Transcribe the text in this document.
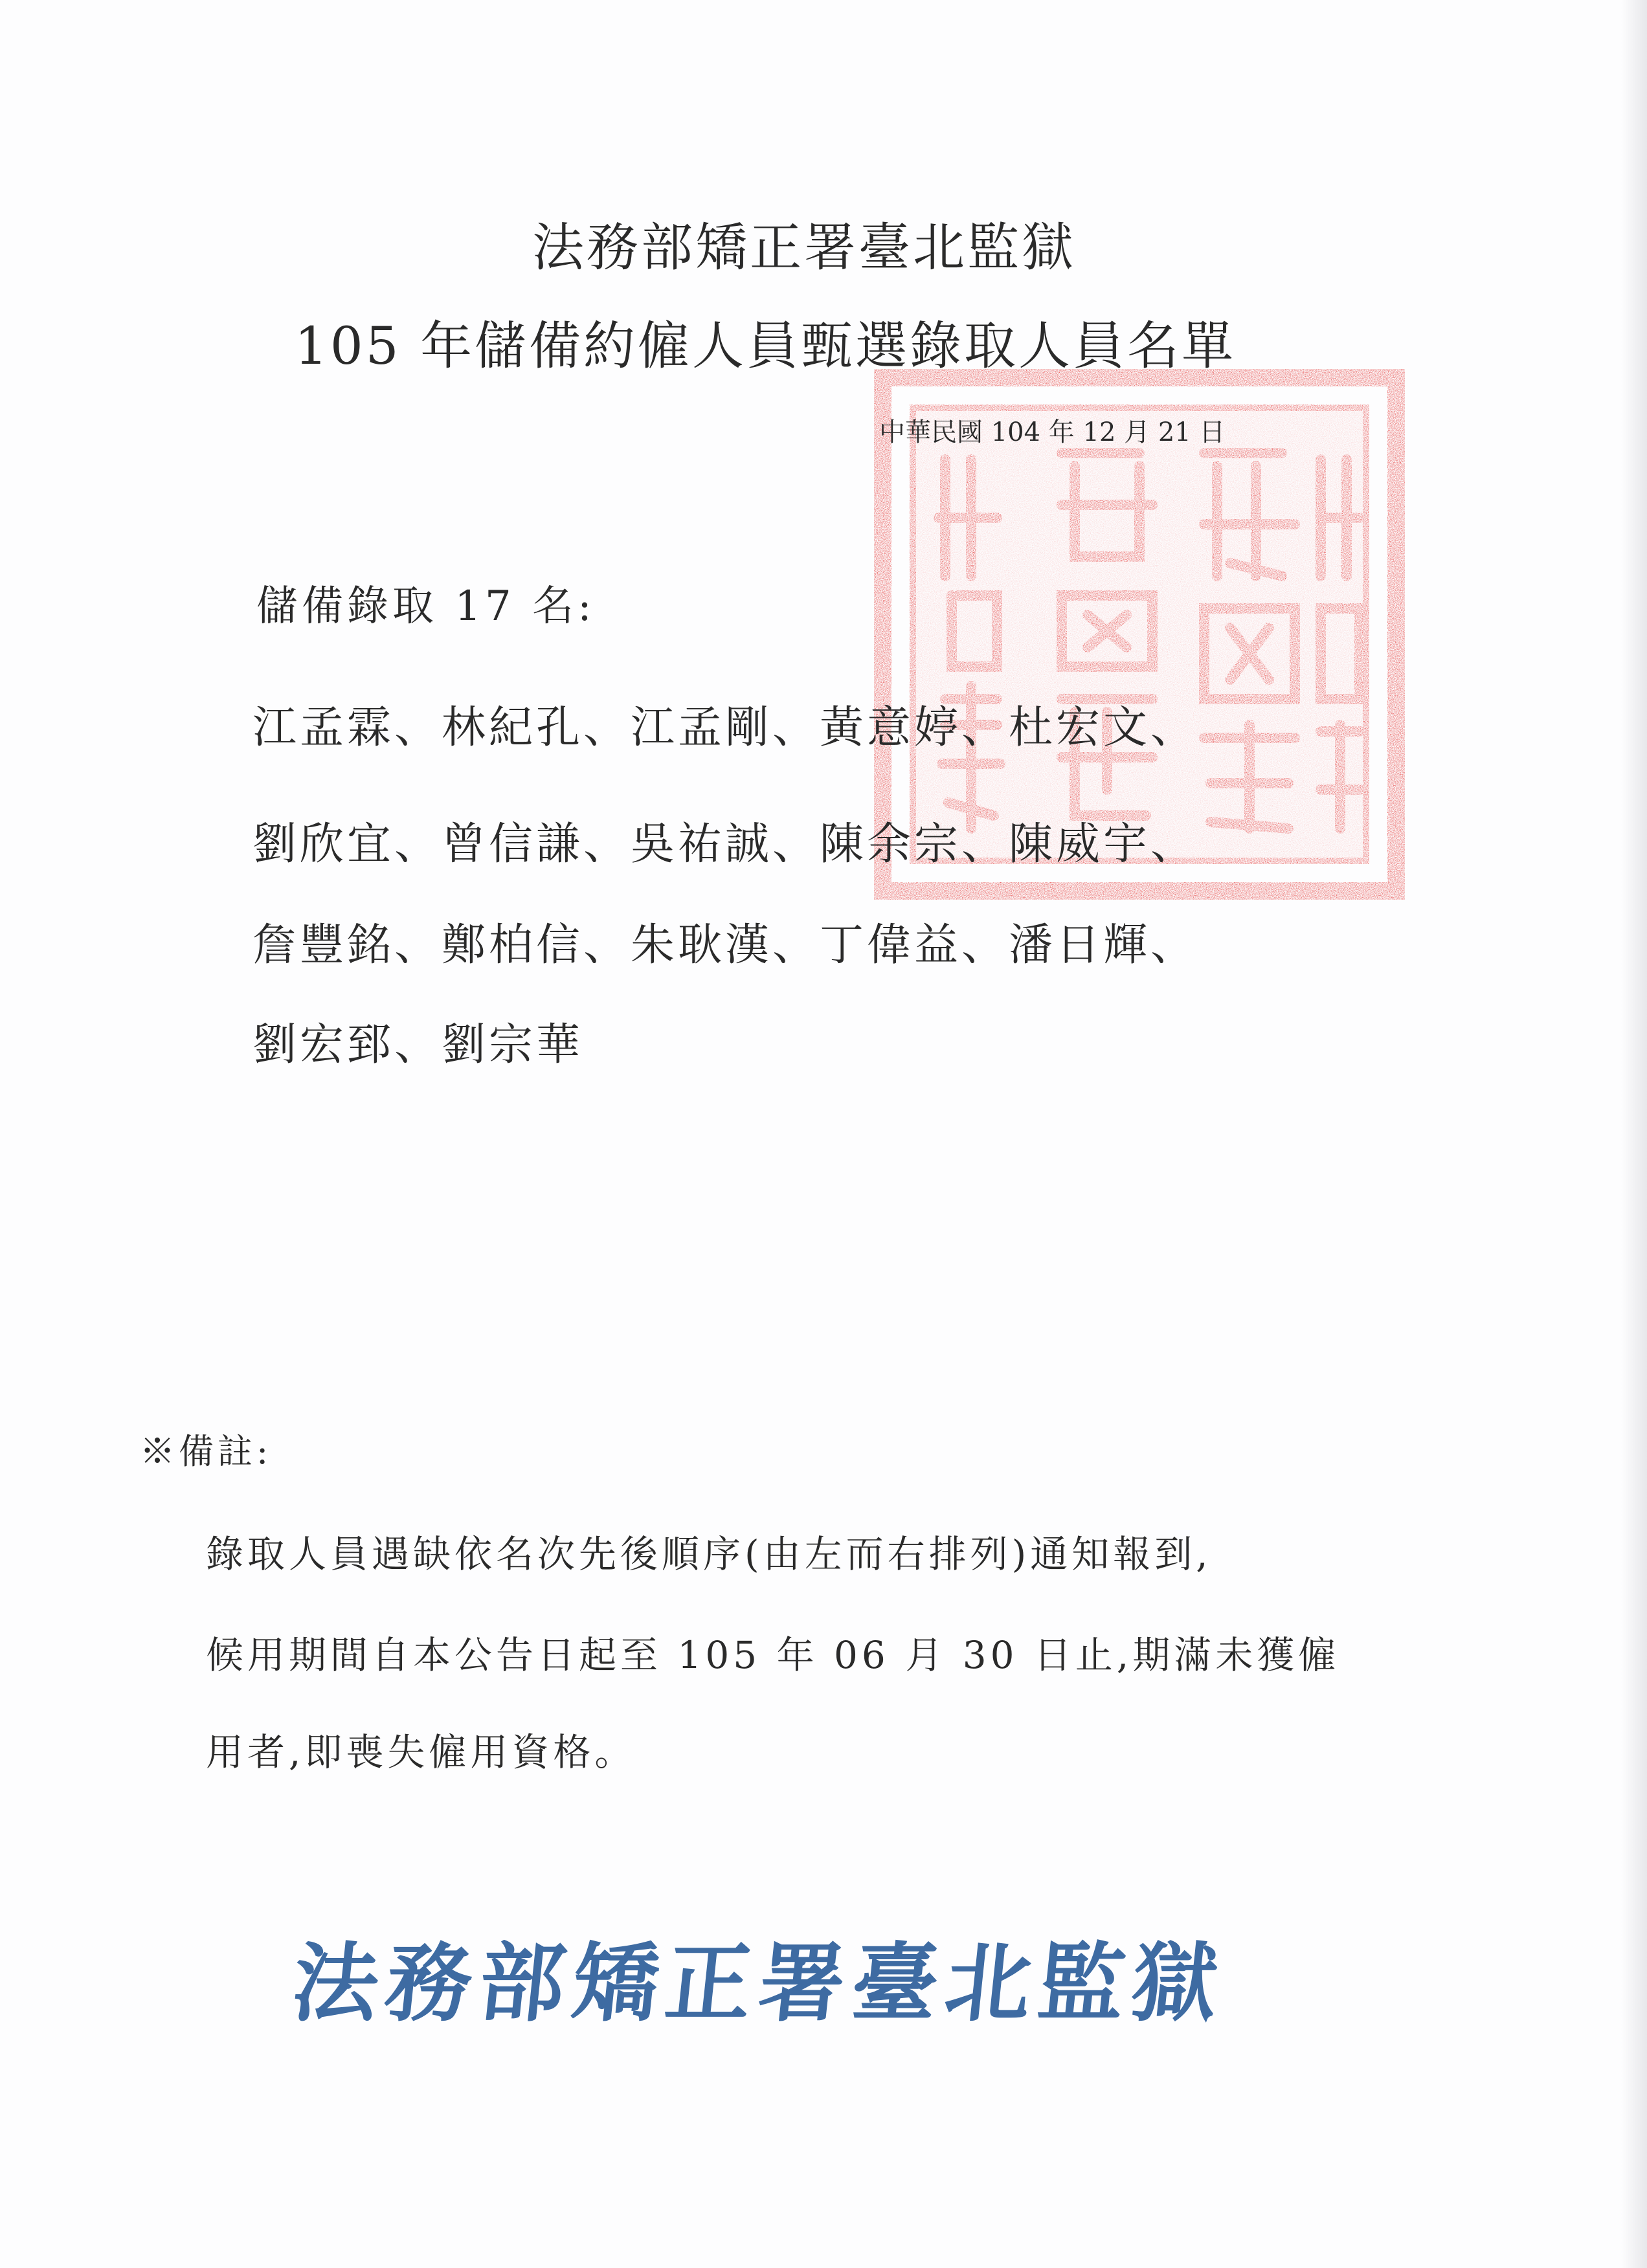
法務部矯正署臺北監獄
105 年儲備約僱人員甄選錄取人員名單
中華民國 104 年 12 月 21 日
儲備錄取 17 名:
江孟霖、林紀孔、江孟剛、黃意婷、杜宏文、
劉欣宜、曾信謙、吳祐誠、陳余宗、陳威宇、
詹豐銘、鄭柏信、朱耿漢、丁偉益、潘日輝、
劉宏郅、劉宗華
※備註:
錄取人員遇缺依名次先後順序(由左而右排列)通知報到,
候用期間自本公告日起至 105 年 06 月 30 日止,期滿未獲僱
用者,即喪失僱用資格。
法務部矯正署臺北監獄
